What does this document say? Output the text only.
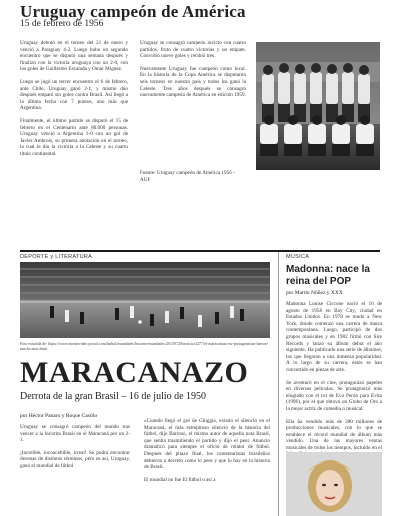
Uruguay campeón de América
15 de febrero de 1956

Uruguay debutó en el torneo del 21 de enero y venció a Paraguay 4-2. Luego hubo un segundo encuentro que se disputó una semana después y finalizó con la victoria uruguaya con un 2-0, con los goles de Guillermo Escalada y Omar Míguez.

Luego se jugó un tercer encuentro el 6 de febrero, ante Chile, Uruguay ganó 2-1, y mismo dúo después empató sin goles contra Brasil. Así llegó a la última fecha con 7 puntos, uno más que Argentina.

Finalmente, el último partido se disputó el 15 de febrero en el Centenario ante 80.000 personas. Uruguay venció a Argentina 1-0 con un gol de Javier Ambrois, su primera anotación en el torneo, la cual le dio la victoria a la Celeste y su cuarto título continental.

Uruguay se consagró campeón invicto con cuatro partidos, fruto de cuatro victorias y un empate. Convirtió nueve goles y recibió tres.

Nuevamente Uruguay fue campeón como local. En la historia de la Copa América se disputaron seis torneos en nuestro país y todos los ganó la Celeste. Tres años después se consagró nuevamente campeón de América en edición 1959.

Fuente: Uruguay campeón de América 1956 - AUF
DEPORTE y LITERATURA
Foto extraída de: https://www.montevideo portal.com/futbol/mundiales/historia-mundiales/20130720/noticia/2277/el-maracanazo-su-protagonistas-fueron-mucho-mas.html
MARACANAZO
Derrota de la gran Brasil – 16 de julio de 1950
por Héctor Panaro y Roque Castilo

Uruguay se consagró campeón del mundo tras vencer a la favorita Brasil en el Maracaná por un 2-1.

¡Increíble, inconcebible, irreal! Se podrá encontrar decenas de distintos términos, pero es así, Uruguay, ganó el mundial de fútbol

«Cuando llegó el gol de Ghiggia, existió el silencio en el Maracaná, el más estrepitoso silencio de la historia del fútbol, dijo Barroso, el mismo autor de aquella nota Brasil, que sentía trasmitiendo el partido y dijo el peor. Anuncio dramático para siempre el oficio de relator de fútbol. Después del pitazo final, los comentaristas brasileños debieron a decreto como lo peor y que lo hay en la historia de Brasil.

El mundial no fue El fútbol o así a

MÚSICA
Madonna: nace la reina del POP
por Martín Núñez y XXX

Madonna Louise Ciccone nació el 16 de agosto de 1958 en Bay City, ciudad en Estados Unidos. En 1978 se mudó a New York, donde comenzó una carrera de danza contemporánea. Luego, participó de dos grupos musicales y en 1982 firmó con Sire Records y lanzó su álbum debut el año siguiente. Ha publicado una serie de álbumes, los que llegaron a una inmensa popularidad. A lo largo de su carrera, éstos se han convertido en piezas de arte.

Se aventuró en el cine, protagonizó papeles en diversas películas. Se protagonizó más elogiado con el rol de Eva Perón para Evita (1996), por el que obtuvo un Globo de Oro a la mejor actriz de comedia o musical.

Ella ha vendido más de 300 millones de producciones musicales, con lo que se establece el récord mundial de álbum más vendido. Una de las mayores ventas musicales de todos los tiempos, incluido en el
